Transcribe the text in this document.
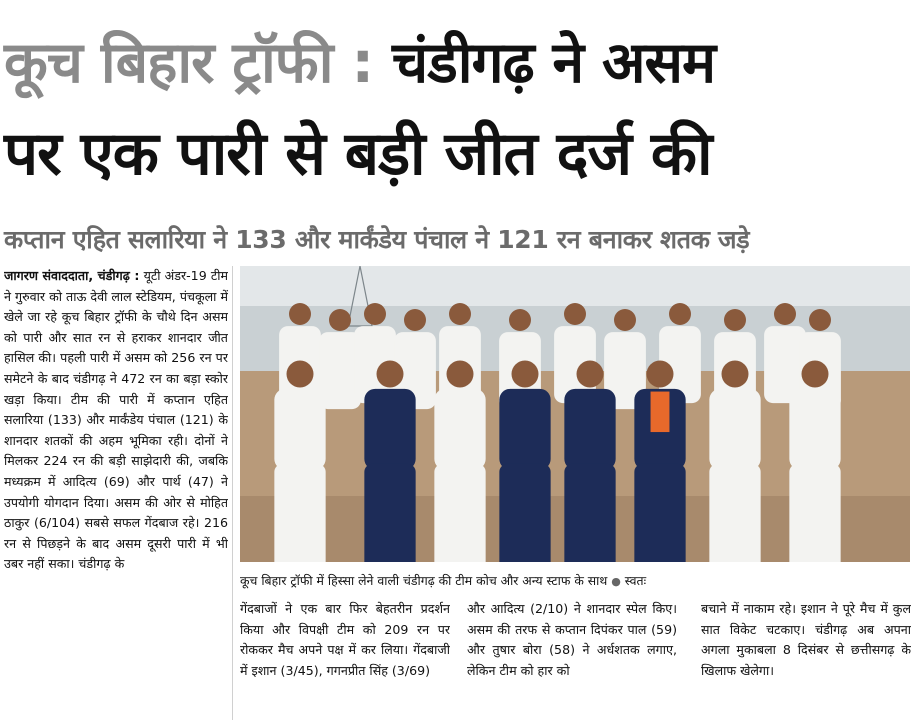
कूच बिहार ट्रॉफी : चंडीगढ़ ने असम
पर एक पारी से बड़ी जीत दर्ज की
कप्तान एहित सलारिया ने 133 और मार्कंडेय पंचाल ने 121 रन बनाकर शतक जड़े
जागरण संवाददाता, चंडीगढ़ : यूटी अंडर-19 टीम ने गुरुवार को ताऊ देवी लाल स्टेडियम, पंचकूला में खेले जा रहे कूच बिहार ट्रॉफी के चौथे दिन असम को पारी और सात रन से हराकर शानदार जीत हासिल की। पहली पारी में असम को 256 रन पर समेटने के बाद चंडीगढ़ ने 472 रन का बड़ा स्कोर खड़ा किया। टीम की पारी में कप्तान एहित सलारिया (133) और मार्कंडेय पंचाल (121) के शानदार शतकों की अहम भूमिका रही। दोनों ने मिलकर 224 रन की बड़ी साझेदारी की, जबकि मध्यक्रम में आदित्य (69) और पार्थ (47) ने उपयोगी योगदान दिया। असम की ओर से मोहित ठाकुर (6/104) सबसे सफल गेंदबाज रहे। 216 रन से पिछड़ने के बाद असम दूसरी पारी में भी उबर नहीं सका। चंडीगढ़ के
कूच बिहार ट्रॉफी में हिस्सा लेने वाली चंडीगढ़ की टीम कोच और अन्य स्टाफ के साथ ● स्वतः
गेंदबाजों ने एक बार फिर बेहतरीन प्रदर्शन किया और विपक्षी टीम को 209 रन पर रोककर मैच अपने पक्ष में कर लिया। गेंदबाजी में इशान (3/45), गगनप्रीत सिंह (3/69)
और आदित्य (2/10) ने शानदार स्पेल किए। असम की तरफ से कप्तान दिपंकर पाल (59) और तुषार बोरा (58) ने अर्धशतक लगाए, लेकिन टीम को हार को
बचाने में नाकाम रहे। इशान ने पूरे मैच में कुल सात विकेट चटकाए। चंडीगढ़ अब अपना अगला मुकाबला 8 दिसंबर से छत्तीसगढ़ के खिलाफ खेलेगा।
